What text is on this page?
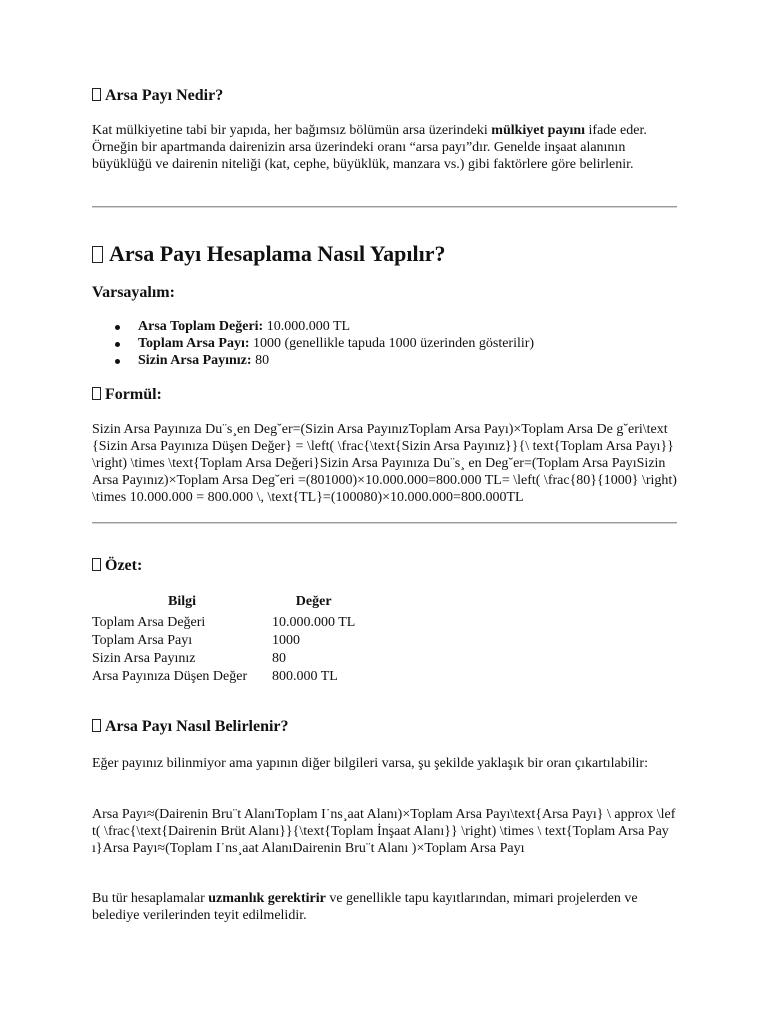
Arsa Payı Nedir?

Kat mülkiyetine tabi bir yapıda, her bağımsız bölümün arsa üzerindeki mülkiyet payını ifade eder. Örneğin bir apartmanda dairenizin arsa üzerindeki oranı “arsa payı”dır. Genelde inşaat alanının büyüklüğü ve dairenin niteliği (kat, cephe, büyüklük, manzara vs.) gibi faktörlere göre belirlenir.

Arsa Payı Hesaplama Nasıl Yapılır?
Varsayalım:
Arsa Toplam Değeri: 10.000.000 TL
Toplam Arsa Payı: 1000 (genellikle tapuda 1000 üzerinden gösterilir)
Sizin Arsa Payınız: 80
Formül:

Sizin Arsa Payınıza Du¨s¸en Deg˘er=(Sizin Arsa PayınızToplam Arsa Payı)×Toplam Arsa De g˘eri\text{Sizin Arsa Payınıza Düşen Değer} = \left( \frac{\text{Sizin Arsa Payınız}}{\ text{Toplam Arsa Payı}} \right) \times \text{Toplam Arsa Değeri}Sizin Arsa Payınıza Du¨s¸ en Deg˘er=(Toplam Arsa PayıSizin Arsa Payınız)×Toplam Arsa Deg˘eri =(801000)×10.000.000=800.000 TL= \left( \frac{80}{1000} \right) \times 10.000.000 = 800.000 \, \text{TL}=(100080)×10.000.000=800.000TL

Özet:
Bilgi	Değer
Toplam Arsa Değeri	10.000.000 TL
Toplam Arsa Payı	1000
Sizin Arsa Payınız	80
Arsa Payınıza Düşen Değer	800.000 TL
Arsa Payı Nasıl Belirlenir?

Eğer payınız bilinmiyor ama yapının diğer bilgileri varsa, şu şekilde yaklaşık bir oran çıkartılabilir:

Arsa Payı≈(Dairenin Bru¨t AlanıToplam I˙ns¸aat Alanı)×Toplam Arsa Payı\text{Arsa Payı} \ approx \left( \frac{\text{Dairenin Brüt Alanı}}{\text{Toplam İnşaat Alanı}} \right) \times \ text{Toplam Arsa Payı}Arsa Payı≈(Toplam I˙ns¸aat AlanıDairenin Bru¨t Alanı )×Toplam Arsa Payı

Bu tür hesaplamalar uzmanlık gerektirir ve genellikle tapu kayıtlarından, mimari projelerden ve belediye verilerinden teyit edilmelidir.
